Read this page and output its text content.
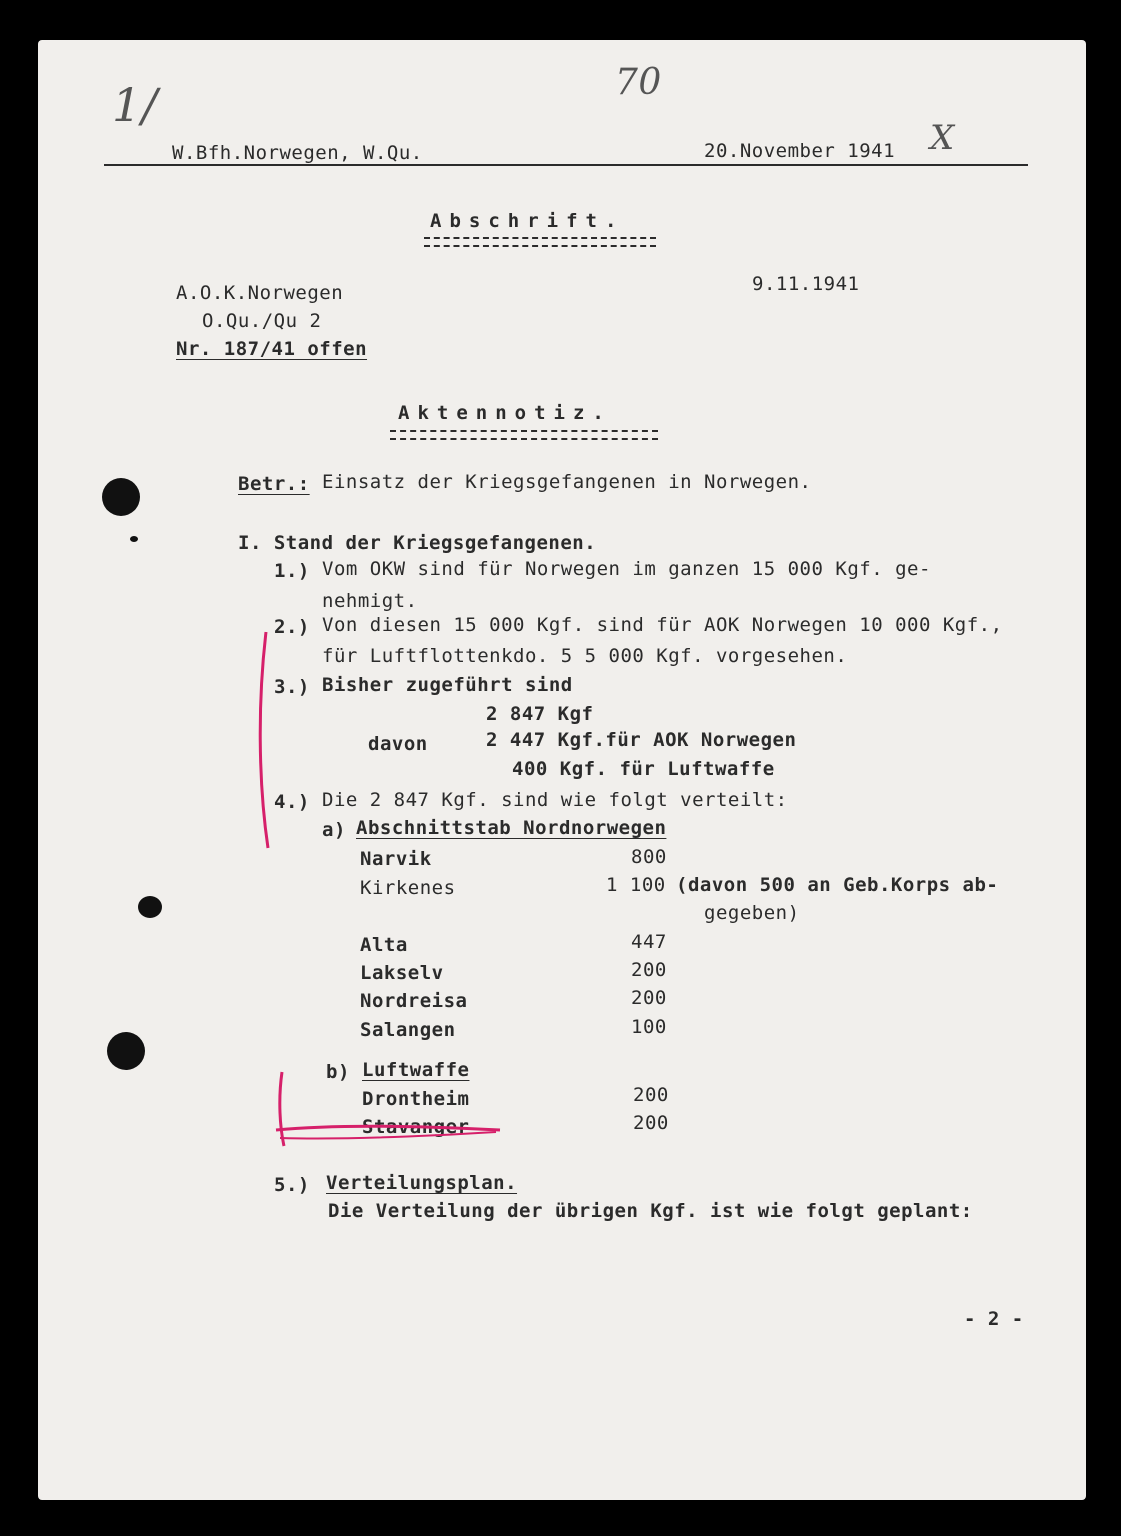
1/	70
X
W.Bfh.Norwegen, W.Qu.	20.November 1941
Abschrift.
A.O.K.Norwegen
O.Qu./Qu 2
Nr. 187/41 offen
9.11.1941
Aktennotiz.
Betr.: Einsatz der Kriegsgefangenen in Norwegen.
I. Stand der Kriegsgefangenen.
1.) Vom OKW sind für Norwegen im ganzen 15 000 Kgf. ge-
nehmigt.
2.) Von diesen 15 000 Kgf. sind für AOK Norwegen 10 000 Kgf.,
für Luftflottenkdo. 5 5 000 Kgf. vorgesehen.
3.) Bisher zugeführt sind
2 847 Kgf
davon	2 447 Kgf.für AOK Norwegen
400 Kgf. für Luftwaffe
4.) Die 2 847 Kgf. sind wie folgt verteilt:
a) Abschnittstab Nordnorwegen
Narvik	800
Kirkenes	1 100 (davon 500 an Geb.Korps ab-
gegeben)
Alta	447
Lakselv	200
Nordreisa	200
Salangen	100
b) Luftwaffe
Drontheim	200
Stavanger	200
5.) Verteilungsplan.
Die Verteilung der übrigen Kgf. ist wie folgt geplant:
- 2 -
